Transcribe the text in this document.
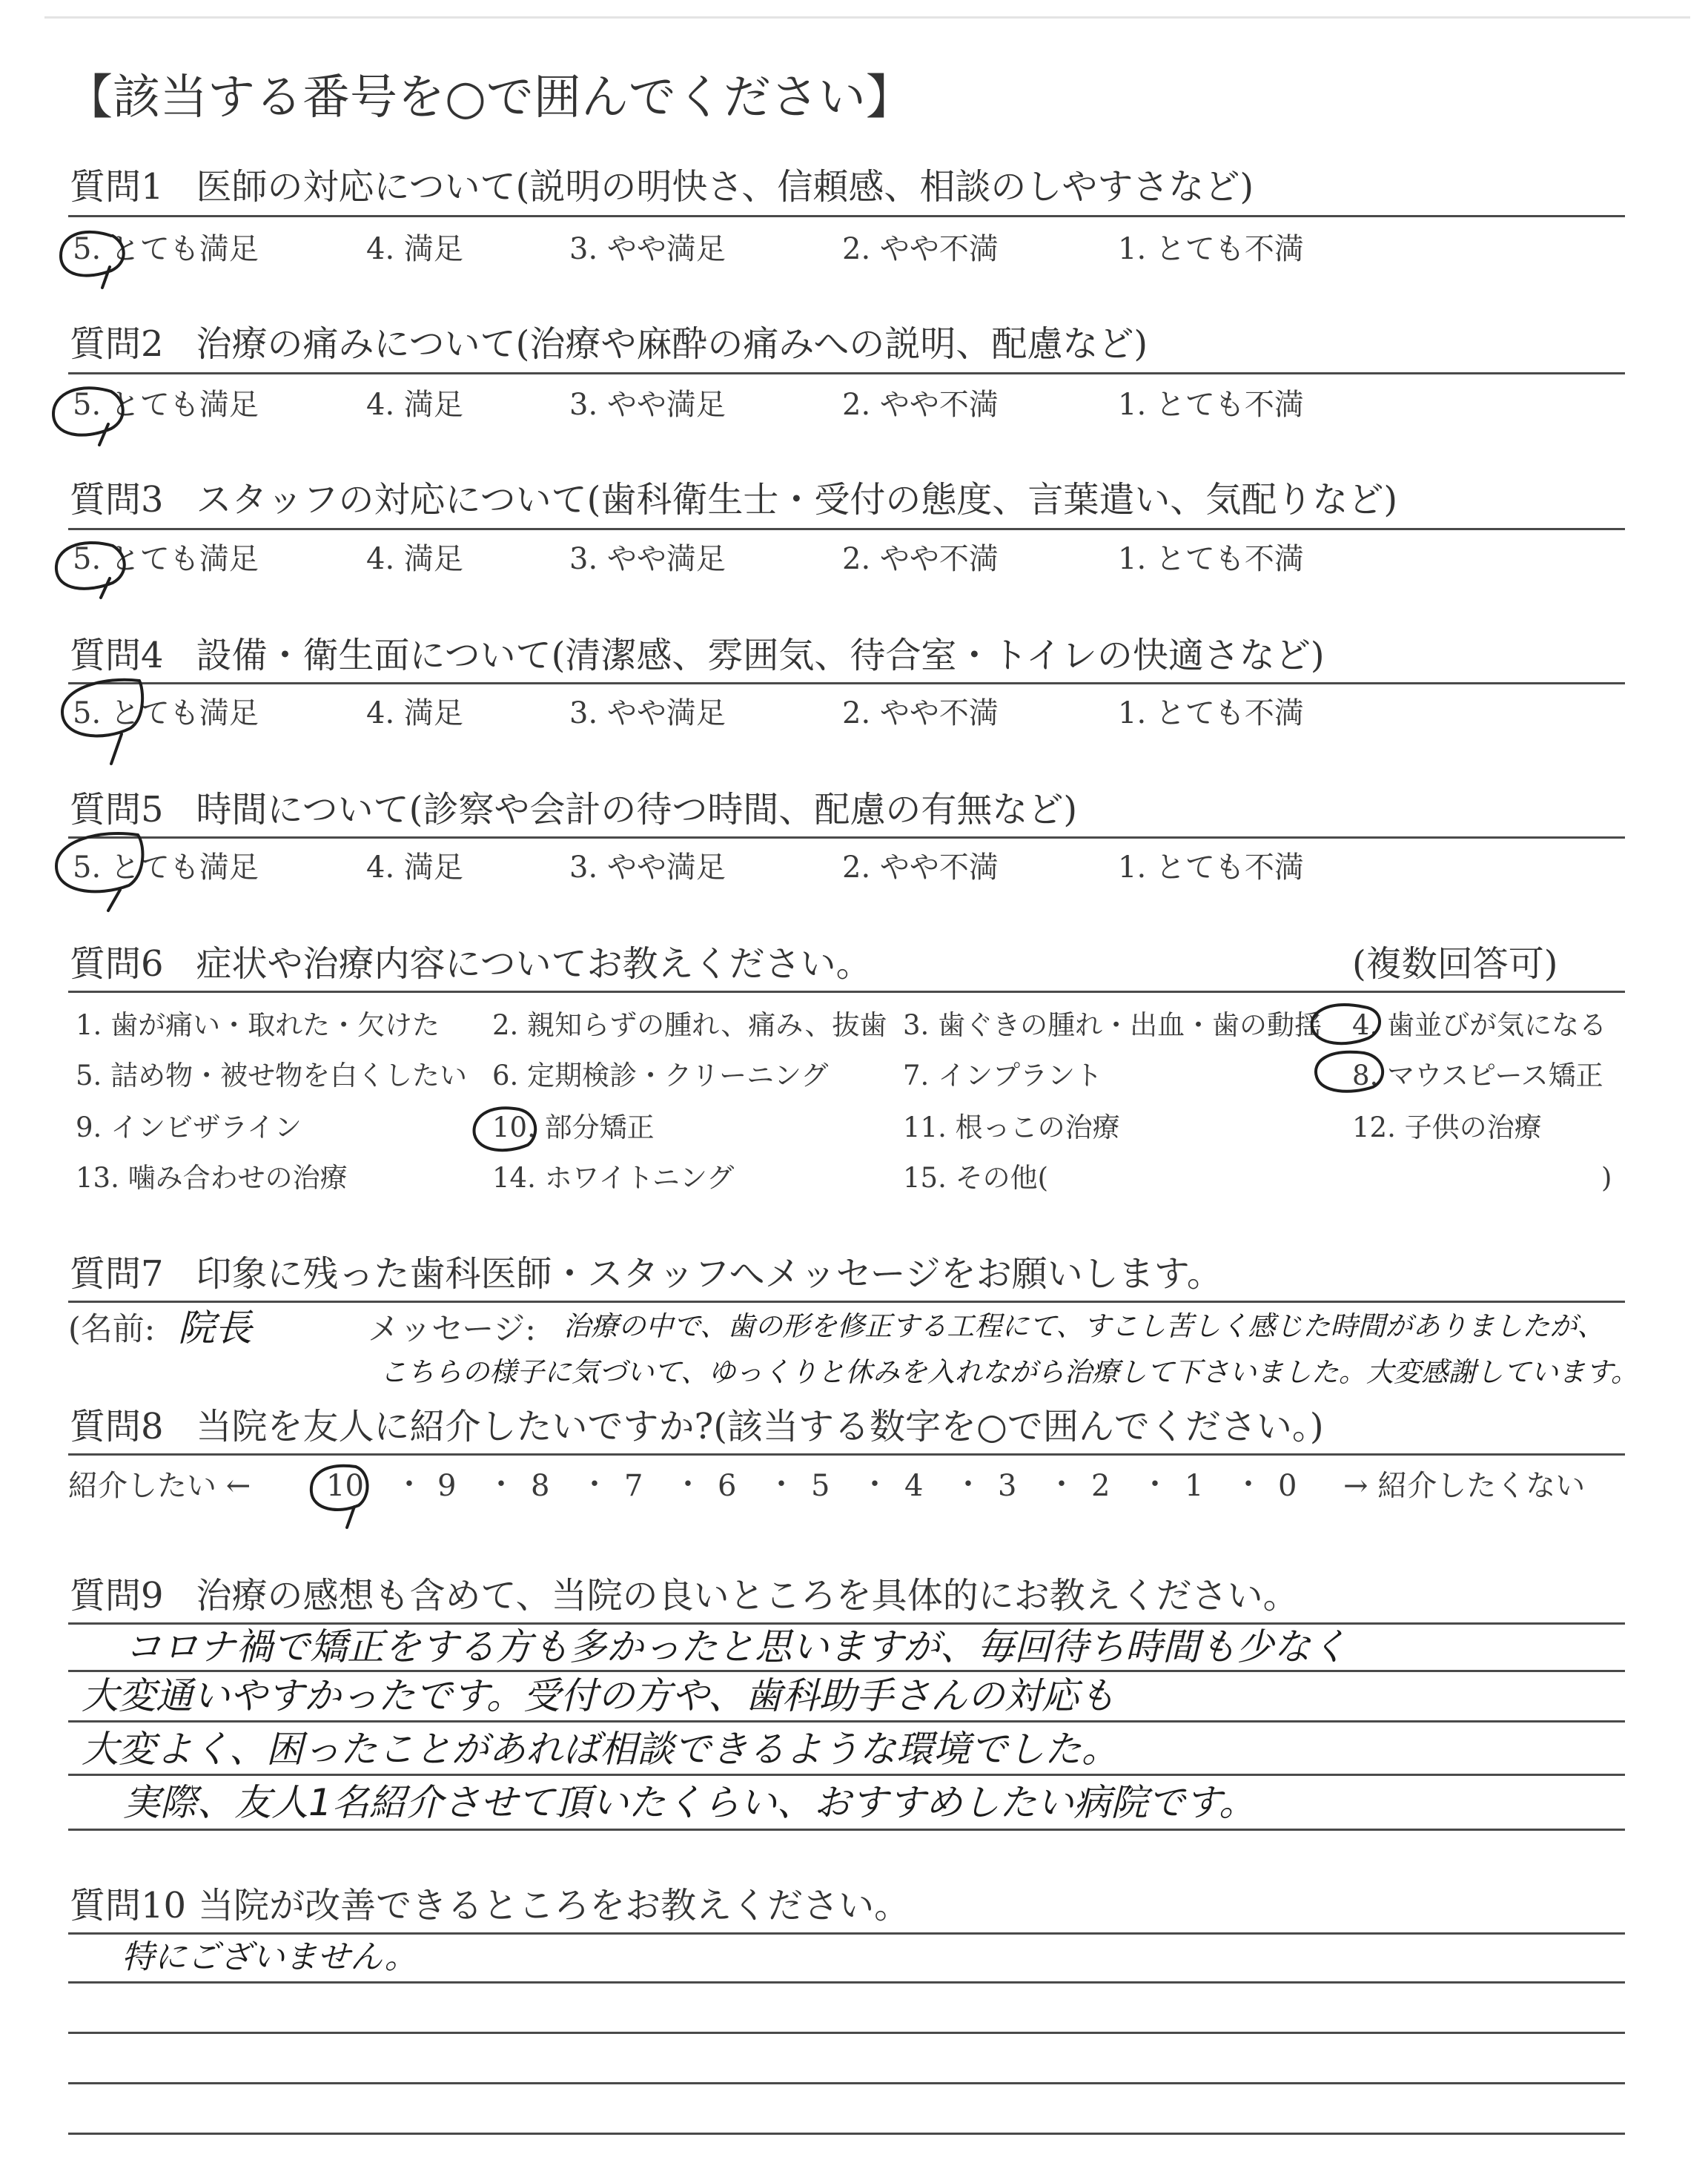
【該当する番号を○で囲んでください】
質問1 医師の対応について(説明の明快さ、信頼感、相談のしやすさなど)
5. とても満足	4. 満足	3. やや満足	2. やや不満	1. とても不満
質問2 治療の痛みについて(治療や麻酔の痛みへの説明、配慮など)
5. とても満足	4. 満足	3. やや満足	2. やや不満	1. とても不満
質問3 スタッフの対応について(歯科衛生士・受付の態度、言葉遣い、気配りなど)
5. とても満足	4. 満足	3. やや満足	2. やや不満	1. とても不満
質問4 設備・衛生面について(清潔感、雰囲気、待合室・トイレの快適さなど)
5. とても満足	4. 満足	3. やや満足	2. やや不満	1. とても不満
質問5 時間について(診察や会計の待つ時間、配慮の有無など)
5. とても満足	4. 満足	3. やや満足	2. やや不満	1. とても不満
質問6 症状や治療内容についてお教えください。	(複数回答可)
1. 歯が痛い・取れた・欠けた 2. 親知らずの腫れ、痛み、抜歯 3. 歯ぐきの腫れ・出血・歯の動揺 4. 歯並びが気になる
5. 詰め物・被せ物を白くしたい 6. 定期検診・クリーニング	7. インプラント	8. マウスピース矯正
9. インビザライン	10. 部分矯正	11. 根っこの治療	12. 子供の治療
13. 噛み合わせの治療	14. ホワイトニング	15. その他(	)
質問7 印象に残った歯科医師・スタッフへメッセージをお願いします。
(名前: 院長	メッセージ: 治療の中で、歯の形を修正する工程にて、すこし苦しく感じた時間がありましたが、
こちらの様子に気づいて、ゆっくりと休みを入れながら治療して下さいました。大変感謝しています。
質問8 当院を友人に紹介したいですか?(該当する数字を○で囲んでください。)
紹介したい ←	→ 紹介したくない
10 ・ 9 ・ 8 ・ 7 ・ 6 ・ 5 ・ 4 ・ 3 ・ 2 ・ 1 ・ 0
質問9 治療の感想も含めて、当院の良いところを具体的にお教えください。
コロナ禍で矯正をする方も多かったと思いますが、毎回待ち時間も少なく
大変通いやすかったです。受付の方や、歯科助手さんの対応も
大変よく、困ったことがあれば相談できるような環境でした。
実際、友人1名紹介させて頂いたくらい、おすすめしたい病院です。
質問10 当院が改善できるところをお教えください。
特にございません。
